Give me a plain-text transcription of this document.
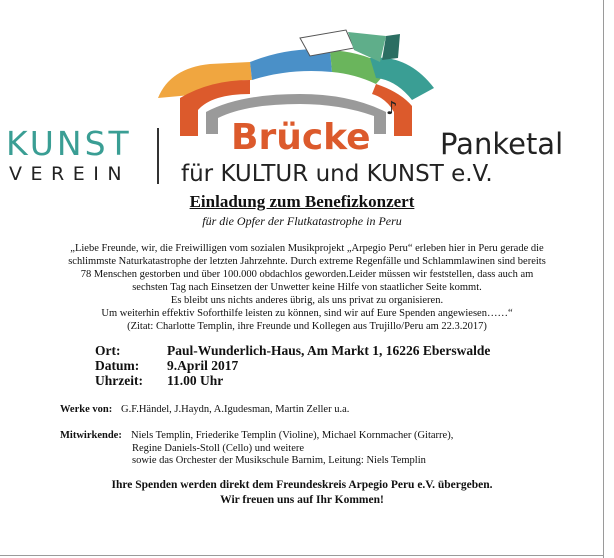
♪
KUNST
VEREIN
Brücke Panketal
für KULTUR und KUNST e.V.
Einladung zum Benefizkonzert
für die Opfer der Flutkatastrophe in Peru
„Liebe Freunde, wir, die Freiwilligen vom sozialen Musikprojekt „Arpegio Peru“ erleben hier in Peru gerade die
schlimmste Naturkatastrophe der letzten Jahrzehnte. Durch extreme Regenfälle und Schlammlawinen sind bereits
78 Menschen gestorben und über 100.000 obdachlos geworden.Leider müssen wir feststellen, dass auch am
sechsten Tag nach Einsetzen der Unwetter keine Hilfe von staatlicher Seite kommt.
Es bleibt uns nichts anderes übrig, als uns privat zu organisieren.
Um weiterhin effektiv Soforthilfe leisten zu können, sind wir auf Eure Spenden angewiesen……“
(Zitat: Charlotte Templin, ihre Freunde und Kollegen aus Trujillo/Peru am 22.3.2017)
Ort:	Paul-Wunderlich-Haus, Am Markt 1, 16226 Eberswalde
Datum: 9.April 2017
Uhrzeit: 11.00 Uhr
Werke von: G.F.Händel, J.Haydn, A.Igudesman, Martin Zeller u.a.
Mitwirkende: Niels Templin, Friederike Templin (Violine), Michael Kornmacher (Gitarre),
Regine Daniels-Stoll (Cello) und weitere
sowie das Orchester der Musikschule Barnim, Leitung: Niels Templin
Ihre Spenden werden direkt dem Freundeskreis Arpegio Peru e.V. übergeben.
Wir freuen uns auf Ihr Kommen!
